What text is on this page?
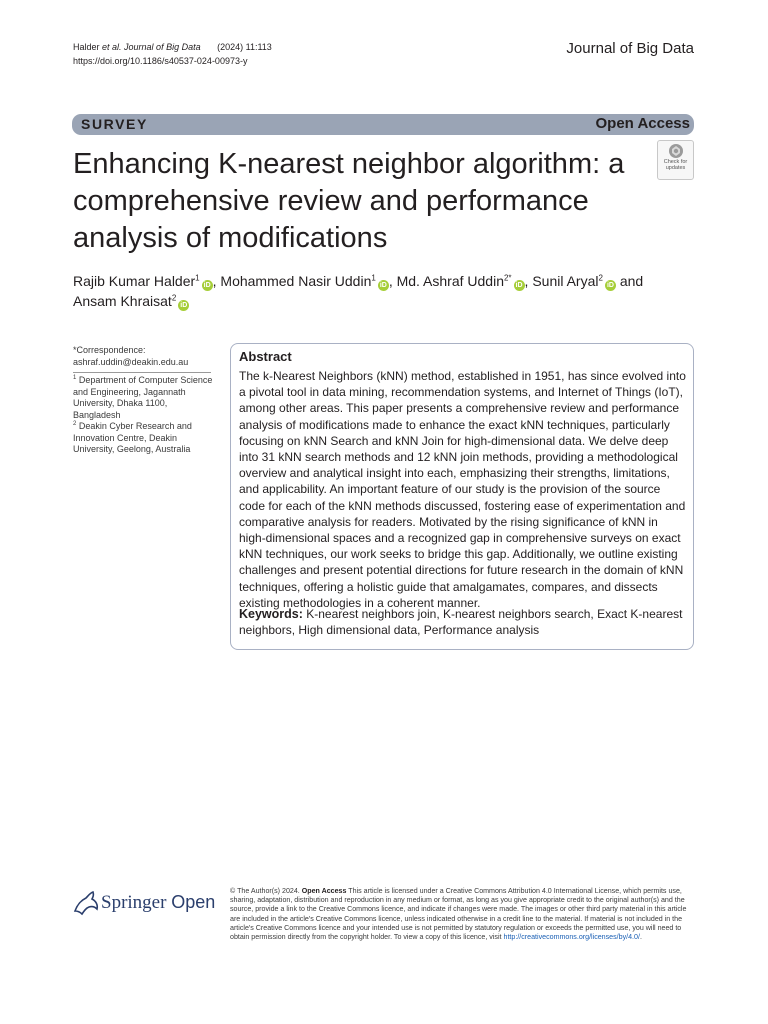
Halder et al. Journal of Big Data (2024) 11:113
https://doi.org/10.1186/s40537-024-00973-y
Journal of Big Data
SURVEY	Open Access
Enhancing K-nearest neighbor algorithm: a comprehensive review and performance analysis of modifications
Check for
updates
Rajib Kumar Halder$^1$iD , Mohammed Nasir Uddin$^1$iD , Md. Ashraf Uddin$^{2*}$iD , Sunil Aryal$^2$iD and
Ansam Khraisat$^2$iD
*Correspondence:
ashraf.uddin@deakin.edu.au
$^1$ Department of Computer Science and Engineering, Jagannath University, Dhaka 1100, Bangladesh
$^2$ Deakin Cyber Research and Innovation Centre, Deakin University, Geelong, Australia
Abstract
The k-Nearest Neighbors (kNN) method, established in 1951, has since evolved into a pivotal tool in data mining, recommendation systems, and Internet of Things (IoT), among other areas. This paper presents a comprehensive review and performance analysis of modifications made to enhance the exact kNN techniques, particularly focusing on kNN Search and kNN Join for high-dimensional data. We delve deep into 31 kNN search methods and 12 kNN join methods, providing a methodological overview and analytical insight into each, emphasizing their strengths, limitations, and applicability. An important feature of our study is the provision of the source code for each of the kNN methods discussed, fostering ease of experimentation and comparative analysis for readers. Motivated by the rising significance of kNN in high-dimensional spaces and a recognized gap in comprehensive surveys on exact kNN techniques, our work seeks to bridge this gap. Additionally, we outline existing challenges and present potential directions for future research in the domain of kNN techniques, offering a holistic guide that amalgamates, compares, and dissects existing methodologies in a coherent manner.
Keywords: K-nearest neighbors join, K-nearest neighbors search, Exact K-nearest neighbors, High dimensional data, Performance analysis
Springer Open
© The Author(s) 2024. Open Access This article is licensed under a Creative Commons Attribution 4.0 International License, which permits use, sharing, adaptation, distribution and reproduction in any medium or format, as long as you give appropriate credit to the original author(s) and the source, provide a link to the Creative Commons licence, and indicate if changes were made. The images or other third party material in this article are included in the article's Creative Commons licence, unless indicated otherwise in a credit line to the material. If material is not included in the article's Creative Commons licence and your intended use is not permitted by statutory regulation or exceeds the permitted use, you will need to obtain permission directly from the copyright holder. To view a copy of this licence, visit http://creativecommons.org/licenses/by/4.0/.
